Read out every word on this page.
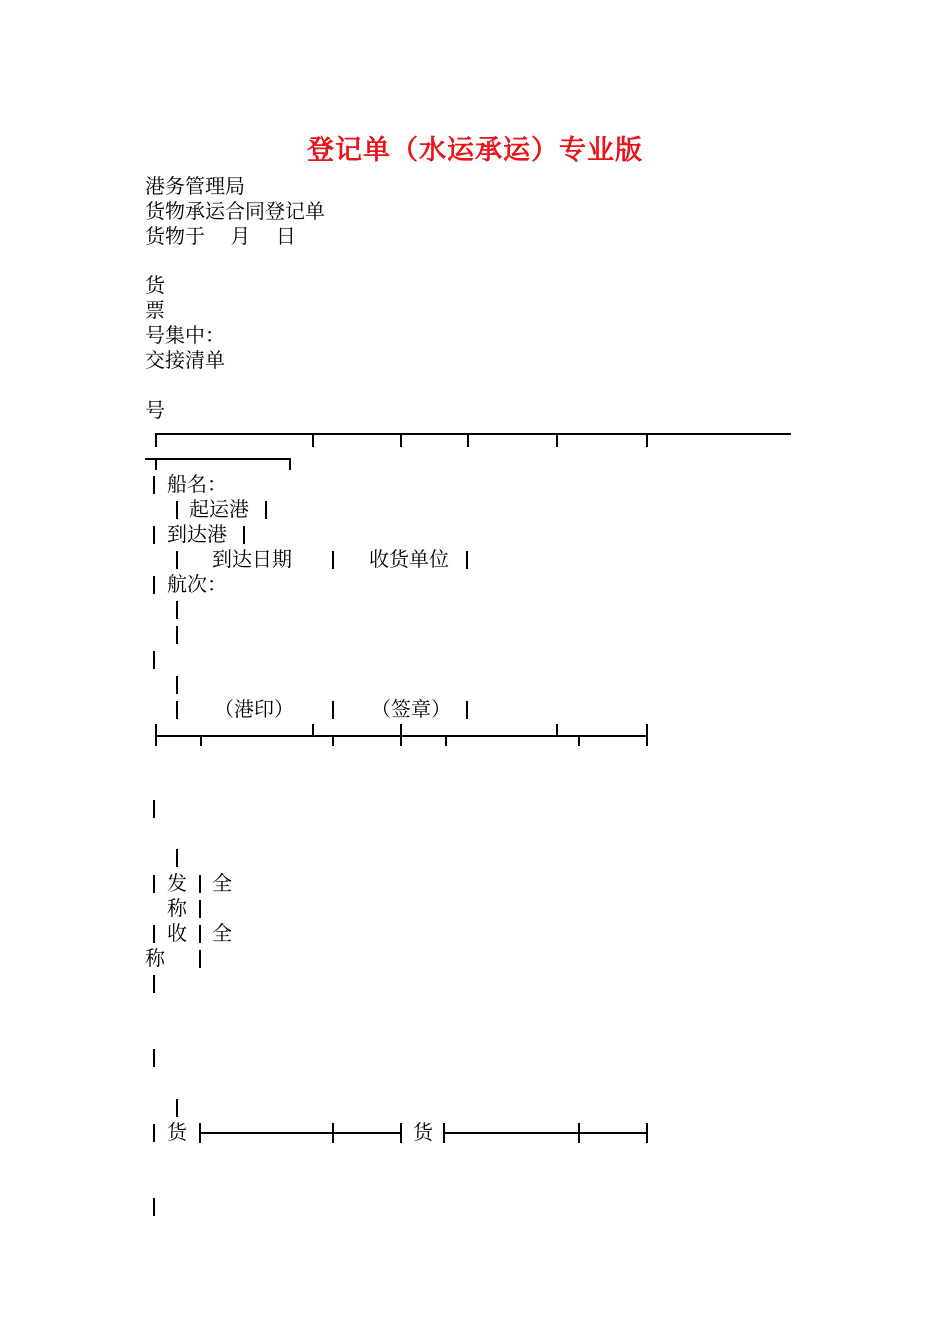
登记单（水运承运）专业版
港务管理局
货物承运合同登记单
货物于    月    日
货
票
号集中：
交接清单
号
船名：
起运港
到达港
到达日期	收货单位
航次：
（港印）	（签章）
发 全
称
收 全
称
货	货
